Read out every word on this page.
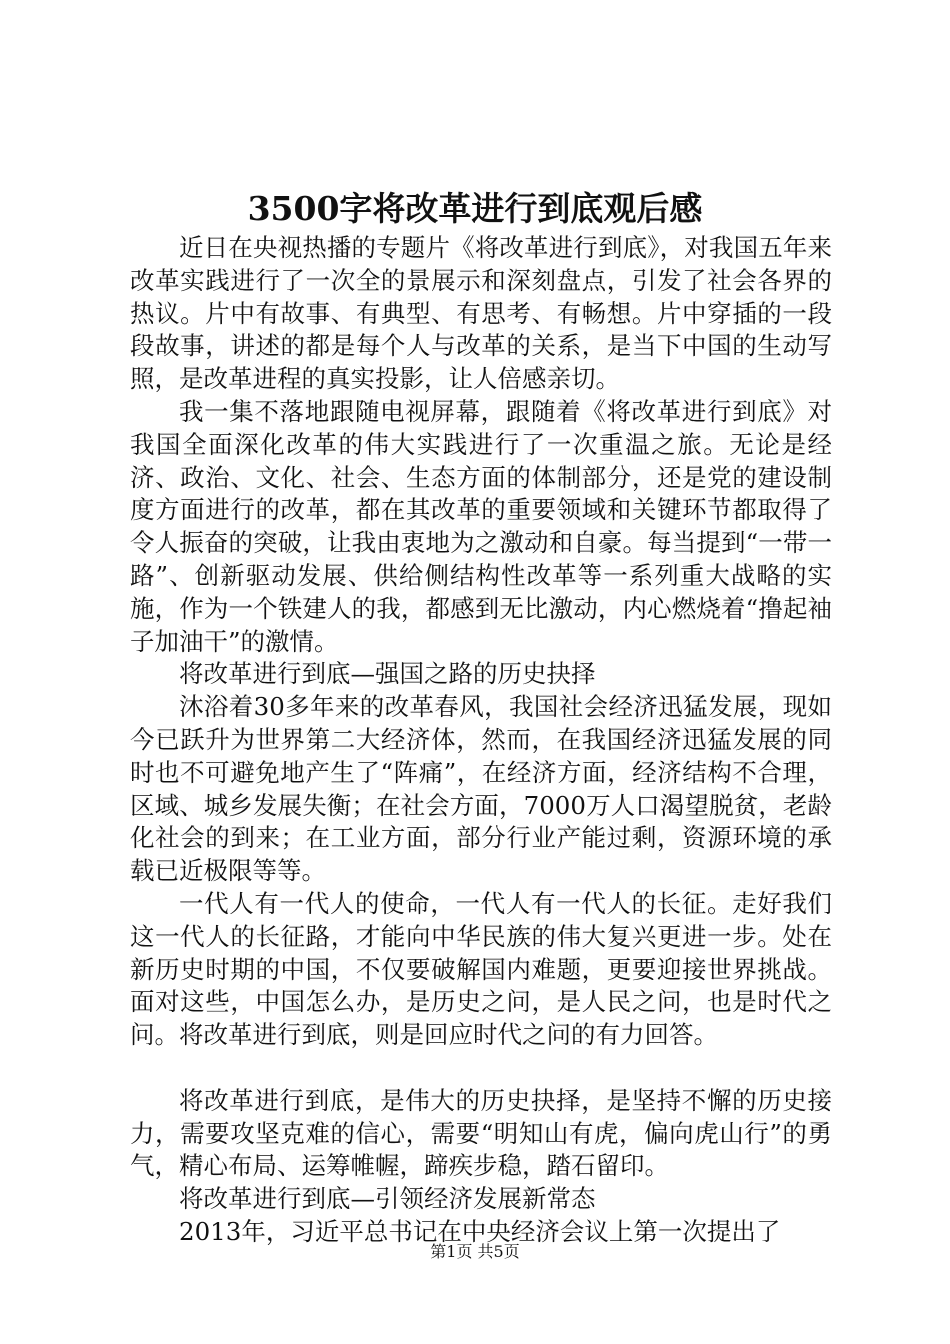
3500字将改革进行到底观后感

近日在央视热播的专题片《将改革进行到底》，对我国五年来改革实践进行了一次全的景展示和深刻盘点，引发了社会各界的热议。片中有故事、有典型、有思考、有畅想。片中穿插的一段段故事，讲述的都是每个人与改革的关系，是当下中国的生动写照，是改革进程的真实投影，让人倍感亲切。

我一集不落地跟随电视屏幕，跟随着《将改革进行到底》对我国全面深化改革的伟大实践进行了一次重温之旅。无论是经济、政治、文化、社会、生态方面的体制部分，还是党的建设制度方面进行的改革，都在其改革的重要领域和关键环节都取得了令人振奋的突破，让我由衷地为之激动和自豪。每当提到“一带一路”、创新驱动发展、供给侧结构性改革等一系列重大战略的实施，作为一个铁建人的我，都感到无比激动，内心燃烧着“撸起袖子加油干”的激情。

将改革进行到底—强国之路的历史抉择

沐浴着30多年来的改革春风，我国社会经济迅猛发展，现如今已跃升为世界第二大经济体，然而，在我国经济迅猛发展的同时也不可避免地产生了“阵痛”，在经济方面，经济结构不合理，区域、城乡发展失衡；在社会方面，7000万人口渴望脱贫，老龄化社会的到来；在工业方面，部分行业产能过剩，资源环境的承载已近极限等等。

一代人有一代人的使命，一代人有一代人的长征。走好我们这一代人的长征路，才能向中华民族的伟大复兴更进一步。处在新历史时期的中国，不仅要破解国内难题，更要迎接世界挑战。面对这些，中国怎么办，是历史之问，是人民之问，也是时代之问。将改革进行到底，则是回应时代之问的有力回答。

将改革进行到底，是伟大的历史抉择，是坚持不懈的历史接力，需要攻坚克难的信心，需要“明知山有虎，偏向虎山行”的勇气，精心布局、运筹帷幄，蹄疾步稳，踏石留印。

将改革进行到底—引领经济发展新常态

2013年，习近平总书记在中央经济会议上第一次提出了

第1页 共5页
